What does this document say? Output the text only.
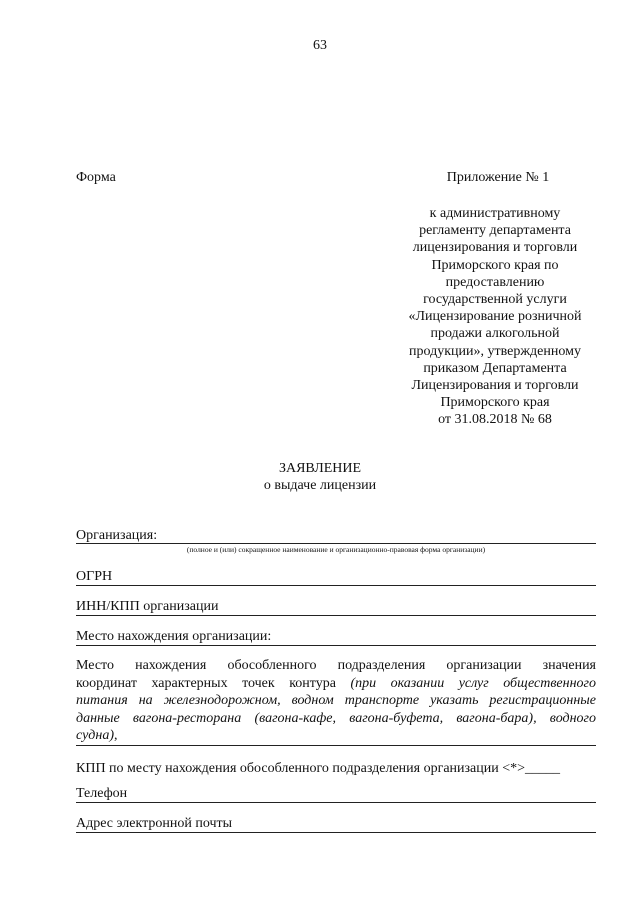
63
Форма	Приложение № 1
к административному
регламенту департамента
лицензирования и торговли
Приморского края по
предоставлению
государственной услуги
«Лицензирование розничной
продажи алкогольной
продукции», утвержденному
приказом Департамента
Лицензирования и торговли
Приморского края
от 31.08.2018 № 68
ЗАЯВЛЕНИЕ
о выдаче лицензии
Организация:
(полное и (или) сокращенное наименование и организационно-правовая форма организации)
ОГРН
ИНН/КПП организации
Место нахождения организации:
Место нахождения обособленного подразделения организации значения
координат характерных точек контура (при оказании услуг общественного
питания на железнодорожном, водном транспорте указать регистрационные
данные вагона-ресторана (вагона-кафе, вагона-буфета, вагона-бара), водного
судна),
КПП по месту нахождения обособленного подразделения организации <*>_____
Телефон
Адрес электронной почты
